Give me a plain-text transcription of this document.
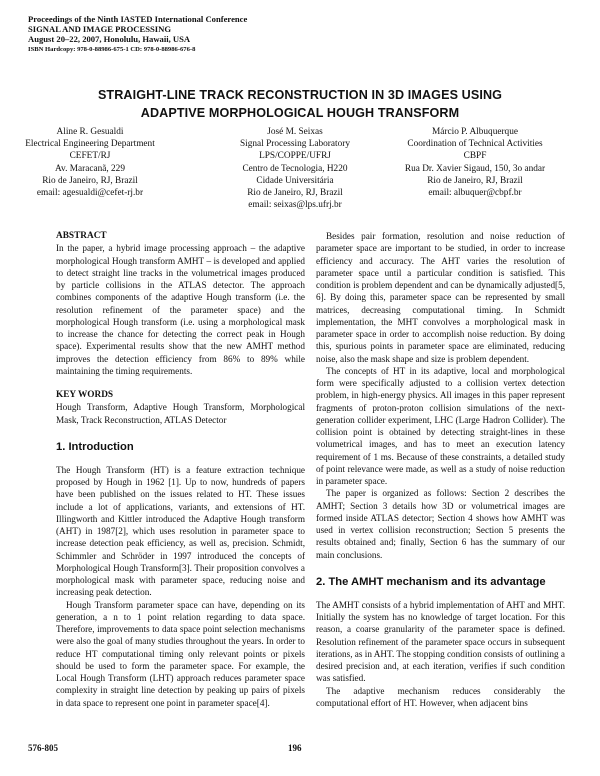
Proceedings of the Ninth IASTED International Conference
SIGNAL AND IMAGE PROCESSING
August 20–22, 2007, Honolulu, Hawaii, USA
ISBN Hardcopy: 978-0-88986-675-1 CD: 978-0-88986-676-8
STRAIGHT-LINE TRACK RECONSTRUCTION IN 3D IMAGES USING
ADAPTIVE MORPHOLOGICAL HOUGH TRANSFORM
Aline R. Gesualdi
Electrical Engineering Department
CEFET/RJ
Av. Maracanã, 229
Rio de Janeiro, RJ, Brazil
email: agesualdi@cefet-rj.br
José M. Seixas
Signal Processing Laboratory
LPS/COPPE/UFRJ
Centro de Tecnologia, H220
Cidade Universitária
Rio de Janeiro, RJ, Brazil
email: seixas@lps.ufrj.br
Márcio P. Albuquerque
Coordination of Technical Activities
CBPF
Rua Dr. Xavier Sigaud, 150, 3o andar
Rio de Janeiro, RJ, Brazil
email: albuquer@cbpf.br
ABSTRACT

In the paper, a hybrid image processing approach – the adaptive morphological Hough transform AMHT – is developed and applied to detect straight line tracks in the volumetrical images produced by particle collisions in the ATLAS detector. The approach combines components of the adaptive Hough transform (i.e. the resolution refinement of the parameter space) and the morphological Hough transform (i.e. using a morphological mask to increase the chance for detecting the correct peak in Hough space). Experimental results show that the new AMHT method improves the detection efficiency from 86% to 89% while maintaining the timing requirements.

KEY WORDS

Hough Transform, Adaptive Hough Transform, Morphological Mask, Track Reconstruction, ATLAS Detector

1. Introduction

The Hough Transform (HT) is a feature extraction technique proposed by Hough in 1962 [1]. Up to now, hundreds of papers have been published on the issues related to HT. These issues include a lot of applications, variants, and extensions of HT. Illingworth and Kittler introduced the Adaptive Hough transform (AHT) in 1987[2], which uses resolution in parameter space to increase detection peak efficiency, as well as, precision. Schmidt, Schimmler and Schröder in 1997 introduced the concepts of Morphological Hough Transform[3]. Their proposition convolves a morphological mask with parameter space, reducing noise and increasing peak detection.

Hough Transform parameter space can have, depending on its generation, a n to 1 point relation regarding to data space. Therefore, improvements to data space point selection mechanisms were also the goal of many studies throughout the years. In order to reduce HT computational timing only relevant points or pixels should be used to form the parameter space. For example, the Local Hough Transform (LHT) approach reduces parameter space complexity in straight line detection by peaking up pairs of pixels in data space to represent one point in parameter space[4].

Besides pair formation, resolution and noise reduction of parameter space are important to be studied, in order to increase efficiency and accuracy. The AHT varies the resolution of parameter space until a particular condition is satisfied. This condition is problem dependent and can be dynamically adjusted[5, 6]. By doing this, parameter space can be represented by small matrices, decreasing computational timing. In Schmidt implementation, the MHT convolves a morphological mask in parameter space in order to accomplish noise reduction. By doing this, spurious points in parameter space are eliminated, reducing noise, also the mask shape and size is problem dependent.

The concepts of HT in its adaptive, local and morphological form were specifically adjusted to a collision vertex detection problem, in high-energy physics. All images in this paper represent fragments of proton-proton collision simulations of the next-generation collider experiment, LHC (Large Hadron Collider). The collision point is obtained by detecting straight-lines in these volumetrical images, and has to meet an execution latency requirement of 1 ms. Because of these constraints, a detailed study of point relevance were made, as well as a study of noise reduction in parameter space.

The paper is organized as follows: Section 2 describes the AMHT; Section 3 details how 3D or volumetrical images are formed inside ATLAS detector; Section 4 shows how AMHT was used in vertex collision reconstruction; Section 5 presents the results obtained and; finally, Section 6 has the summary of our main conclusions.

2. The AMHT mechanism and its advantage

The AMHT consists of a hybrid implementation of AHT and MHT. Initially the system has no knowledge of target location. For this reason, a coarse granularity of the parameter space is defined. Resolution refinement of the parameter space occurs in subsequent iterations, as in AHT. The stopping condition consists of outlining a desired precision and, at each iteration, verifies if such condition was satisfied.

The adaptive mechanism reduces considerably the computational effort of HT. However, when adjacent bins

576-805	196
